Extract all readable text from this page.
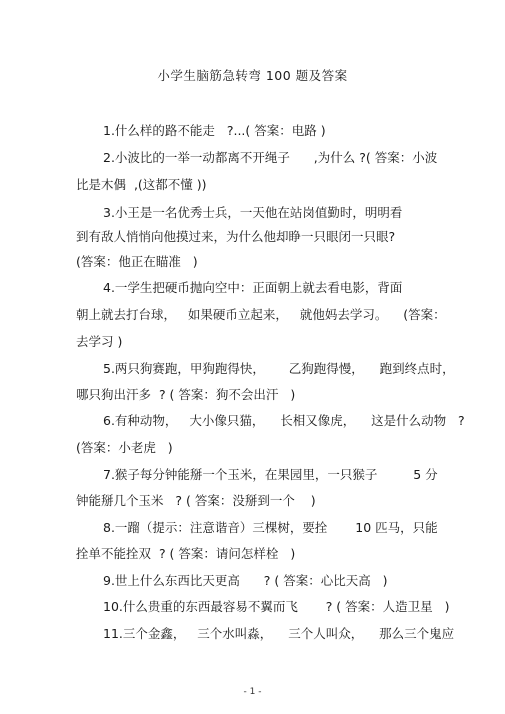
小学生脑筋急转弯 100 题及答案
1.什么样的路不能走   ?...( 答案：电路 )
2.小波比的一举一动都离不开绳子      ,为什么 ?( 答案：小波
比是木偶  ,(这都不懂 ))
3.小王是一名优秀士兵，一天他在站岗值勤时，明明看
到有敌人悄悄向他摸过来，为什么他却睁一只眼闭一只眼?
(答案：他正在瞄准   )
4.一学生把硬币抛向空中：正面朝上就去看电影，背面
朝上就去打台球，   如果硬币立起来，   就他妈去学习。    (答案：
去学习 )
5.两只狗赛跑，甲狗跑得快，      乙狗跑得慢，    跑到终点时，
哪只狗出汗多  ? ( 答案：狗不会出汗   )
6.有种动物，   大小像只猫，    长相又像虎，    这是什么动物   ?
(答案：小老虎   )
7.猴子每分钟能掰一个玉米，在果园里，一只猴子         5 分
钟能掰几个玉米   ? ( 答案：没掰到一个    )
8.一蹓（提示：注意谐音）三棵树，要拴       10 匹马，只能
拴单不能拴双  ? ( 答案：请问怎样栓   )
9.世上什么东西比天更高      ? ( 答案：心比天高   )
10.什么贵重的东西最容易不翼而飞       ? ( 答案：人造卫星   )
11.三个金鑫，   三个水叫淼，    三个人叫众，    那么三个鬼应
- 1 -
